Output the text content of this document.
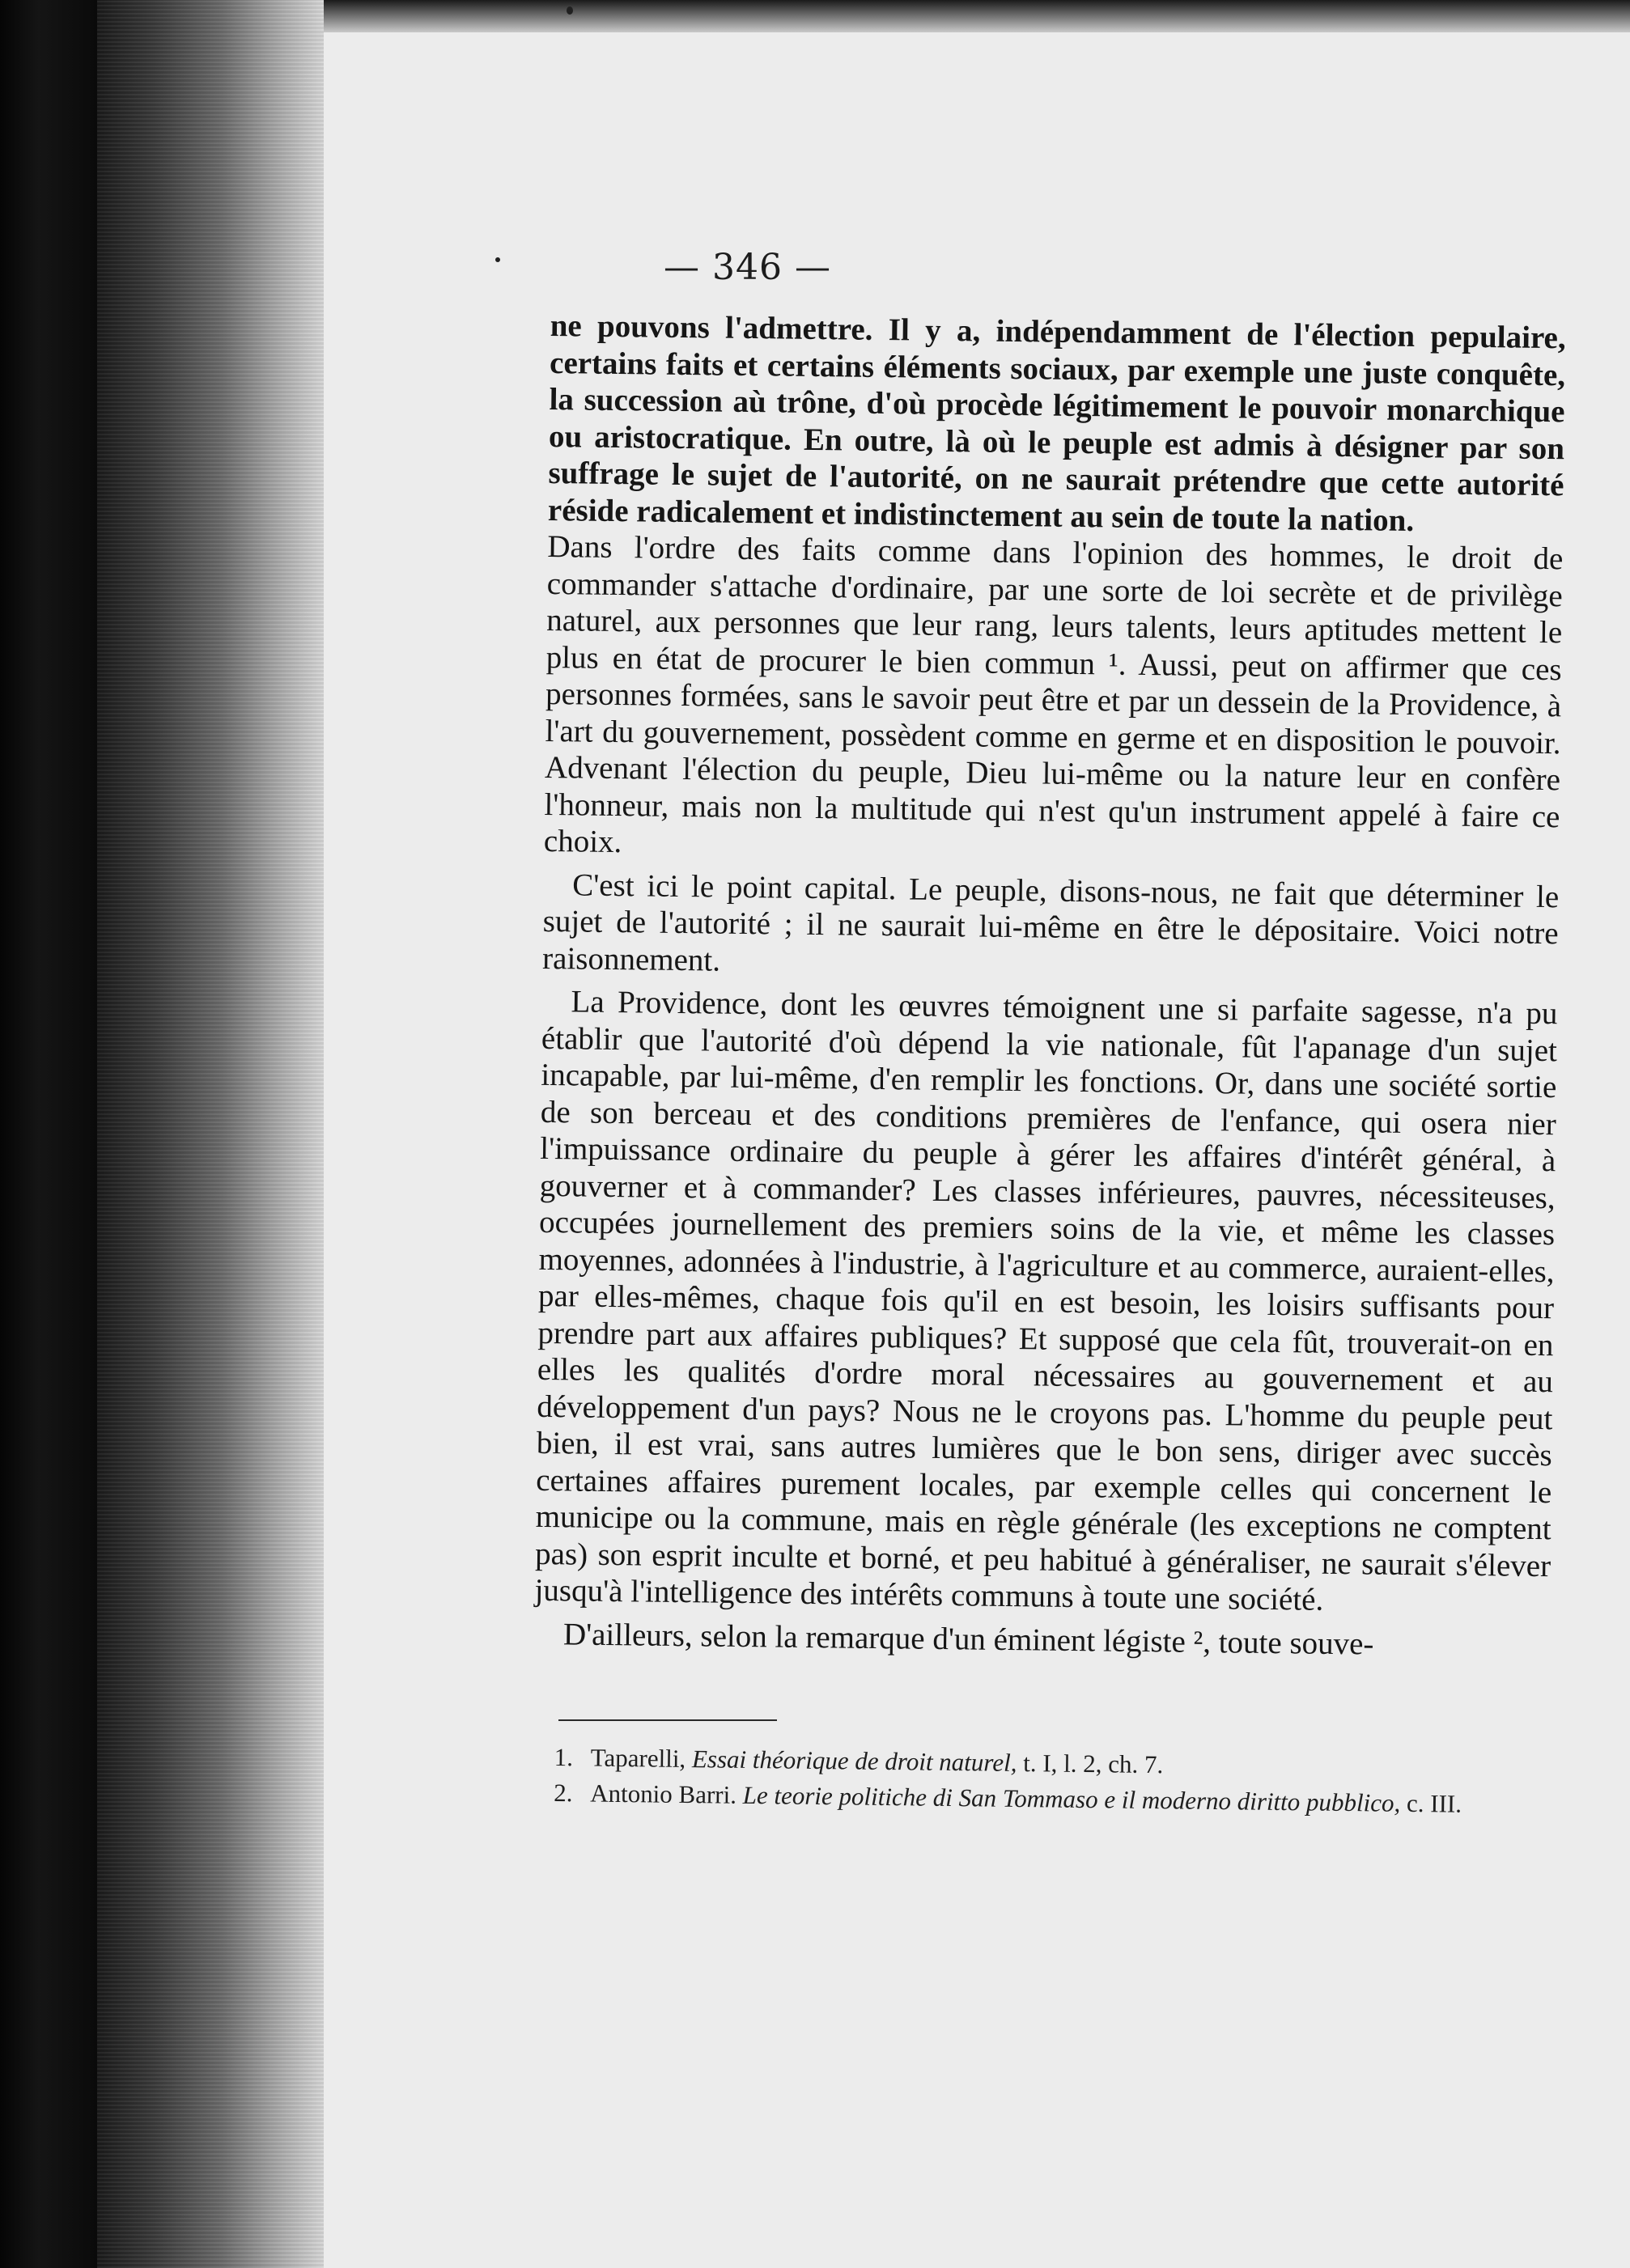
— 346 —

ne pouvons l'admettre. Il y a, indépendamment de l'élection pepulaire, certains faits et certains éléments sociaux, par exemple une juste conquête, la succession aù trône, d'où procède légitimement le pouvoir monarchique ou aristocratique. En outre, là où le peuple est admis à désigner par son suffrage le sujet de l'autorité, on ne saurait prétendre que cette autorité réside radicalement et indistinctement au sein de toute la nation.

Dans l'ordre des faits comme dans l'opinion des hommes, le droit de commander s'attache d'ordinaire, par une sorte de loi secrète et de privilège naturel, aux personnes que leur rang, leurs talents, leurs aptitudes mettent le plus en état de procurer le bien commun ¹. Aussi, peut on affirmer que ces personnes formées, sans le savoir peut être et par un dessein de la Providence, à l'art du gouvernement, possèdent comme en germe et en disposition le pouvoir. Advenant l'élection du peuple, Dieu lui-même ou la nature leur en confère l'honneur, mais non la multitude qui n'est qu'un instrument appelé à faire ce choix.

C'est ici le point capital. Le peuple, disons-nous, ne fait que déterminer le sujet de l'autorité ; il ne saurait lui-même en être le dépositaire. Voici notre raisonnement.

La Providence, dont les œuvres témoignent une si parfaite sagesse, n'a pu établir que l'autorité d'où dépend la vie nationale, fût l'apanage d'un sujet incapable, par lui-même, d'en remplir les fonctions. Or, dans une société sortie de son berceau et des conditions premières de l'enfance, qui osera nier l'impuissance ordinaire du peuple à gérer les affaires d'intérêt général, à gouverner et à commander? Les classes inférieures, pauvres, nécessiteuses, occupées journellement des premiers soins de la vie, et même les classes moyennes, adonnées à l'industrie, à l'agriculture et au commerce, auraient-elles, par elles-mêmes, chaque fois qu'il en est besoin, les loisirs suffisants pour prendre part aux affaires publiques? Et supposé que cela fût, trouverait-on en elles les qualités d'ordre moral nécessaires au gouvernement et au développement d'un pays? Nous ne le croyons pas. L'homme du peuple peut bien, il est vrai, sans autres lumières que le bon sens, diriger avec succès certaines affaires purement locales, par exemple celles qui concernent le municipe ou la commune, mais en règle générale (les exceptions ne comptent pas) son esprit inculte et borné, et peu habitué à généraliser, ne saurait s'élever jusqu'à l'intelligence des intérêts communs à toute une société.

D'ailleurs, selon la remarque d'un éminent légiste ², toute souve-

1. Taparelli, Essai théorique de droit naturel, t. I, l. 2, ch. 7.

2. Antonio Barri. Le teorie politiche di San Tommaso e il moderno diritto pubblico, c. III.
